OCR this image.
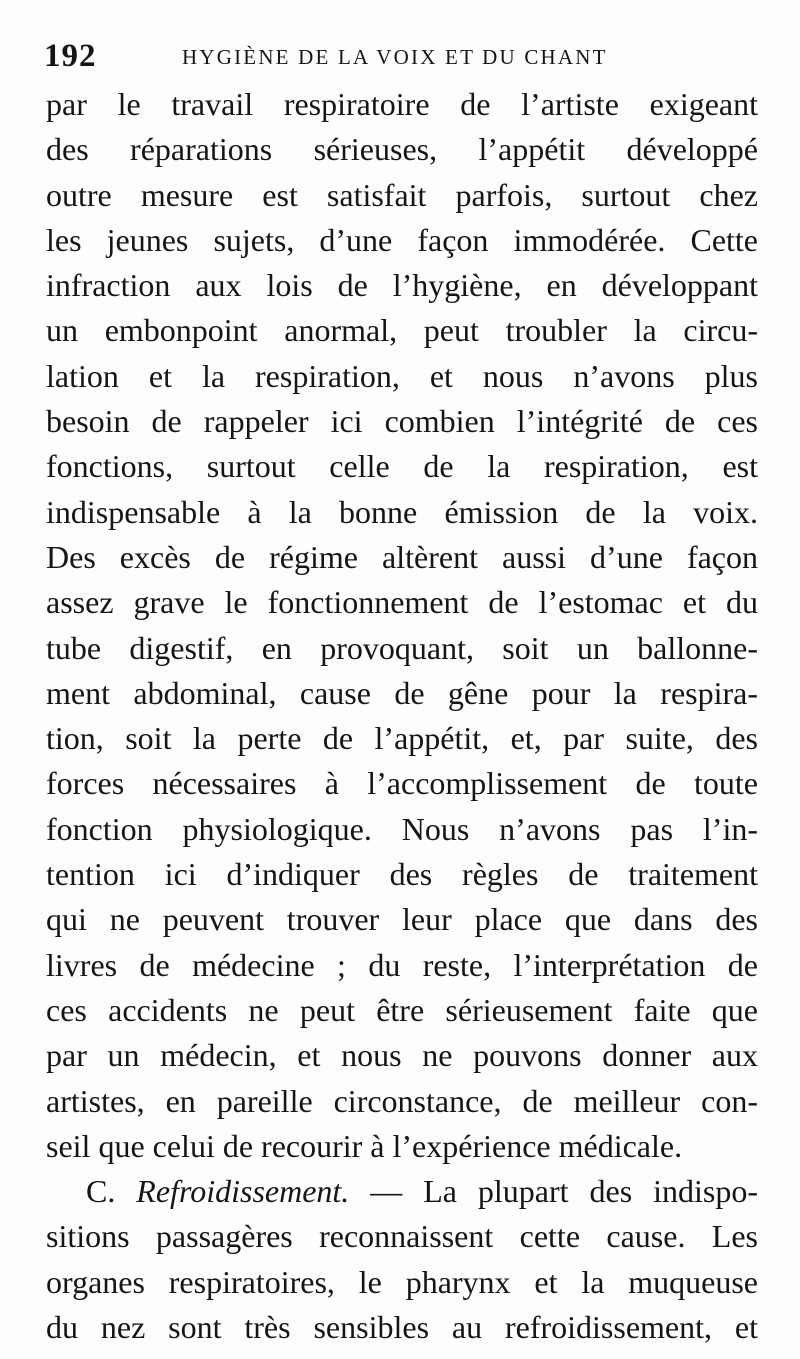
192	HYGIÈNE DE LA VOIX ET DU CHANT
par le travail respiratoire de l’artiste exigeant
des réparations sérieuses, l’appétit développé
outre mesure est satisfait parfois, surtout chez
les jeunes sujets, d’une façon immodérée. Cette
infraction aux lois de l’hygiène, en développant
un embonpoint anormal, peut troubler la circu-
lation et la respiration, et nous n’avons plus
besoin de rappeler ici combien l’intégrité de ces
fonctions, surtout celle de la respiration, est
indispensable à la bonne émission de la voix.
Des excès de régime altèrent aussi d’une façon
assez grave le fonctionnement de l’estomac et du
tube digestif, en provoquant, soit un ballonne-
ment abdominal, cause de gêne pour la respira-
tion, soit la perte de l’appétit, et, par suite, des
forces nécessaires à l’accomplissement de toute
fonction physiologique. Nous n’avons pas l’in-
tention ici d’indiquer des règles de traitement
qui ne peuvent trouver leur place que dans des
livres de médecine ; du reste, l’interprétation de
ces accidents ne peut être sérieusement faite que
par un médecin, et nous ne pouvons donner aux
artistes, en pareille circonstance, de meilleur con-
seil que celui de recourir à l’expérience médicale.
C. Refroidissement. — La plupart des indispo-
sitions passagères reconnaissent cette cause. Les
organes respiratoires, le pharynx et la muqueuse
du nez sont très sensibles au refroidissement, et
